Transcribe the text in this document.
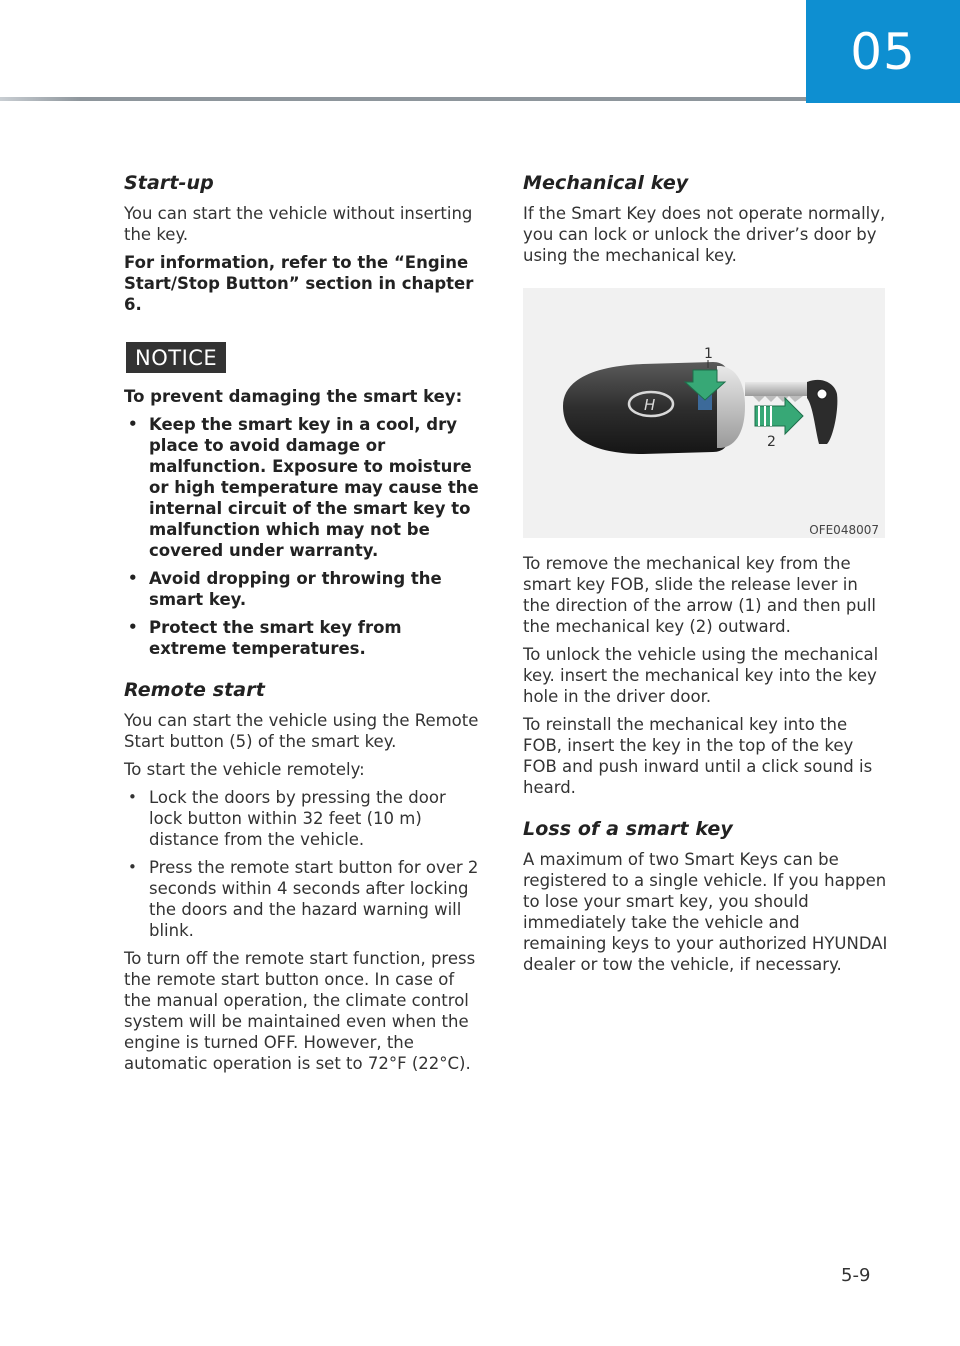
05
Start-up

You can start the vehicle without inserting the key.

For information, refer to the “Engine Start/Stop Button” section in chapter 6.

NOTICE

To prevent damaging the smart key:

• Keep the smart key in a cool, dry place to avoid damage or malfunction. Exposure to moisture or high temperature may cause the internal circuit of the smart key to malfunction which may not be covered under warranty.
• Avoid dropping or throwing the smart key.
• Protect the smart key from extreme temperatures.
Remote start

You can start the vehicle using the Remote Start button (5) of the smart key.

To start the vehicle remotely:

• Lock the doors by pressing the door lock button within 32 feet (10 m) distance from the vehicle.
• Press the remote start button for over 2 seconds within 4 seconds after locking the doors and the hazard warning will blink.

To turn off the remote start function, press the remote start button once. In case of the manual operation, the climate control system will be maintained even when the engine is turned OFF. However, the automatic operation is set to 72°F (22°C).

Mechanical key

If the Smart Key does not operate normally, you can lock or unlock the driver’s door by using the mechanical key.

H
1
2
OFE048007

To remove the mechanical key from the smart key FOB, slide the release lever in the direction of the arrow (1) and then pull the mechanical key (2) outward.

To unlock the vehicle using the mechanical key. insert the mechanical key into the key hole in the driver door.

To reinstall the mechanical key into the FOB, insert the key in the top of the key FOB and push inward until a click sound is heard.

Loss of a smart key

A maximum of two Smart Keys can be registered to a single vehicle. If you happen to lose your smart key, you should immediately take the vehicle and remaining keys to your authorized HYUNDAI dealer or tow the vehicle, if necessary.

5-9
